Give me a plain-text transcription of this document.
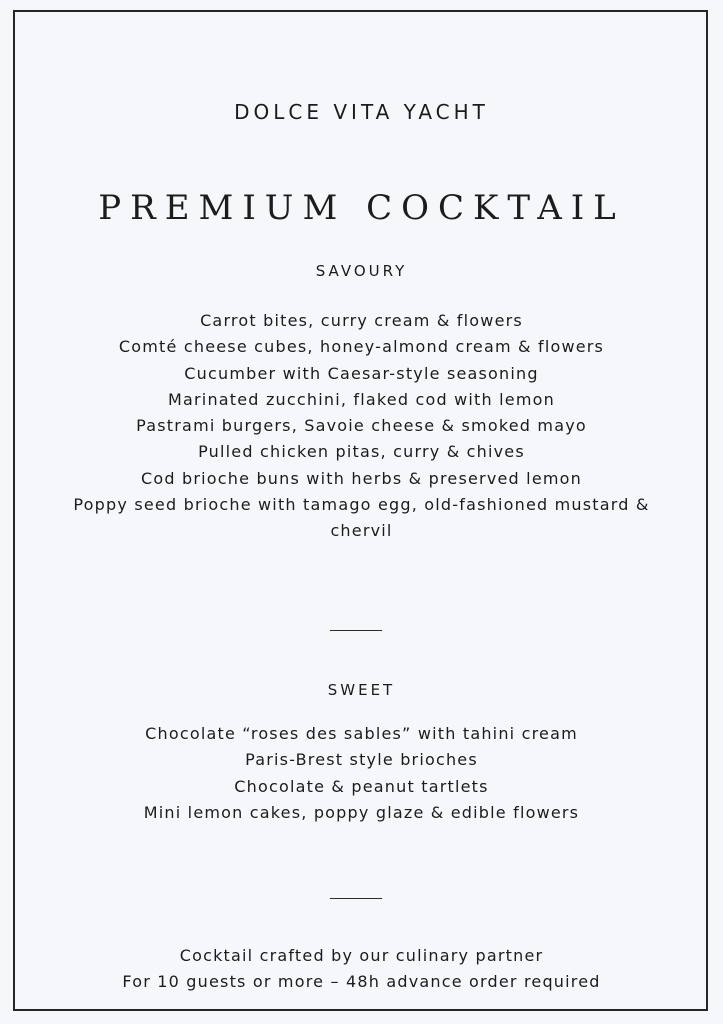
DOLCE VITA YACHT
PREMIUM COCKTAIL
SAVOURY
Carrot bites, curry cream & flowers
Comté cheese cubes, honey-almond cream & flowers
Cucumber with Caesar-style seasoning
Marinated zucchini, flaked cod with lemon
Pastrami burgers, Savoie cheese & smoked mayo
Pulled chicken pitas, curry & chives
Cod brioche buns with herbs & preserved lemon
Poppy seed brioche with tamago egg, old-fashioned mustard & chervil
SWEET
Chocolate “roses des sables” with tahini cream
Paris-Brest style brioches
Chocolate & peanut tartlets
Mini lemon cakes, poppy glaze & edible flowers
Cocktail crafted by our culinary partner
For 10 guests or more – 48h advance order required
